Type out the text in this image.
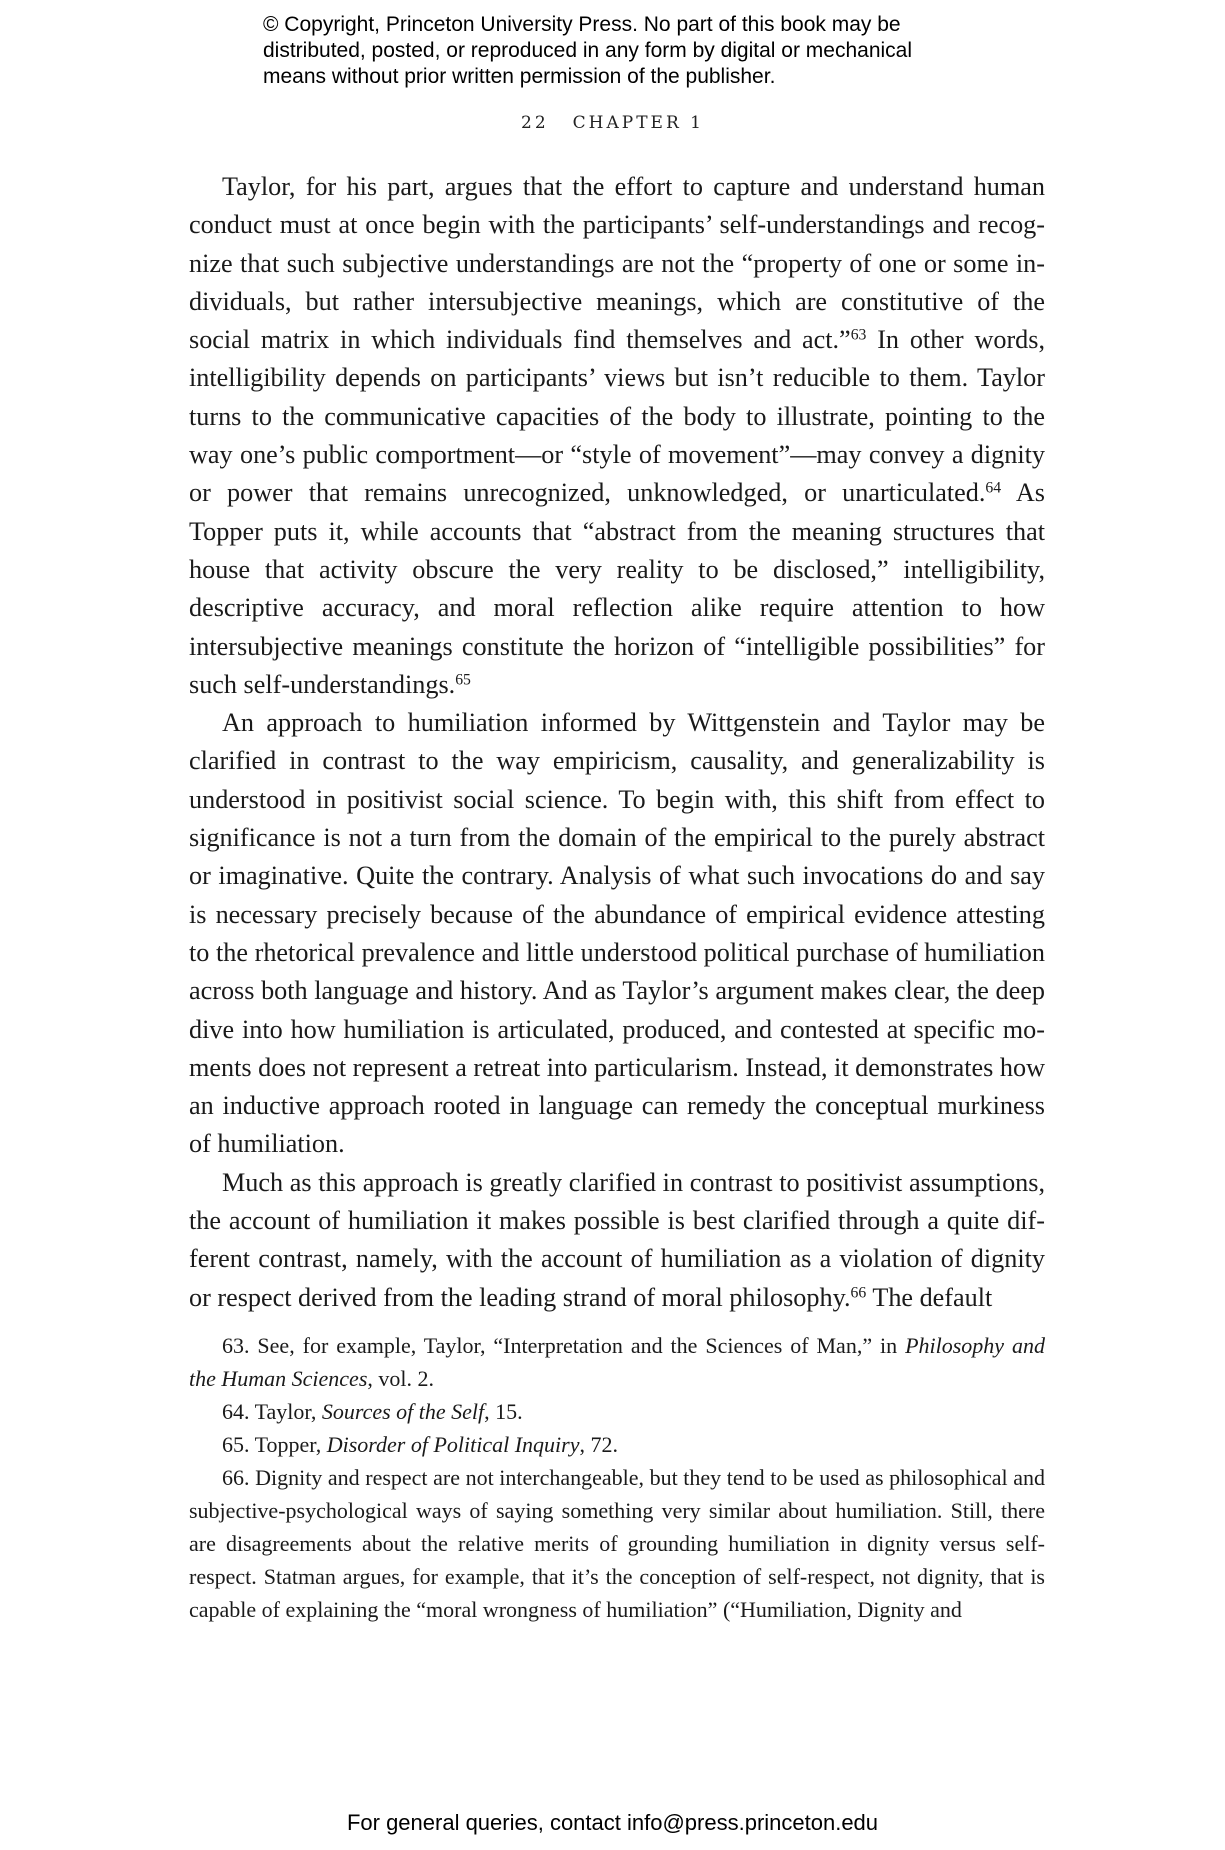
© Copyright, Princeton University Press. No part of this book may be
distributed, posted, or reproduced in any form by digital or mechanical
means without prior written permission of the publisher.
22 CHAPTER 1

Taylor, for his part, argues that the effort to capture and understand human conduct must at once begin with the participants’ self-understandings and recognize that such subjective understandings are not the “property of one or some individuals, but rather intersubjective meanings, which are constitutive of the social matrix in which individuals find themselves and act.”$^{63}$ In other words, intelligibility depends on participants’ views but isn’t reducible to them. Taylor turns to the communicative capacities of the body to illustrate, pointing to the way one’s public comportment—or “style of movement”—may convey a dignity or power that remains unrecognized, unknowledged, or unarticulated.$^{64}$ As Topper puts it, while accounts that “abstract from the meaning structures that house that activity obscure the very reality to be disclosed,” intelligibility, descriptive accuracy, and moral reflection alike require attention to how intersubjective meanings constitute the horizon of “intelligible possibilities” for such self-understandings.$^{65}$

An approach to humiliation informed by Wittgenstein and Taylor may be clarified in contrast to the way empiricism, causality, and generalizability is understood in positivist social science. To begin with, this shift from effect to significance is not a turn from the domain of the empirical to the purely abstract or imaginative. Quite the contrary. Analysis of what such invocations do and say is necessary precisely because of the abundance of empirical evidence attesting to the rhetorical prevalence and little understood political purchase of humiliation across both language and history. And as Taylor’s argument makes clear, the deep dive into how humiliation is articulated, produced, and contested at specific moments does not represent a retreat into particularism. Instead, it demonstrates how an inductive approach rooted in language can remedy the conceptual murkiness of humiliation.

Much as this approach is greatly clarified in contrast to positivist assumptions, the account of humiliation it makes possible is best clarified through a quite different contrast, namely, with the account of humiliation as a violation of dignity or respect derived from the leading strand of moral philosophy.$^{66}$ The default

63. See, for example, Taylor, “Interpretation and the Sciences of Man,” in Philosophy and the Human Sciences, vol. 2.

64. Taylor, Sources of the Self, 15.

65. Topper, Disorder of Political Inquiry, 72.

66. Dignity and respect are not interchangeable, but they tend to be used as philosophical and subjective-psychological ways of saying something very similar about humiliation. Still, there are disagreements about the relative merits of grounding humiliation in dignity versus self-respect. Statman argues, for example, that it’s the conception of self-respect, not dignity, that is capable of explaining the “moral wrongness of humiliation” (“Humiliation, Dignity and

For general queries, contact info@press.princeton.edu
